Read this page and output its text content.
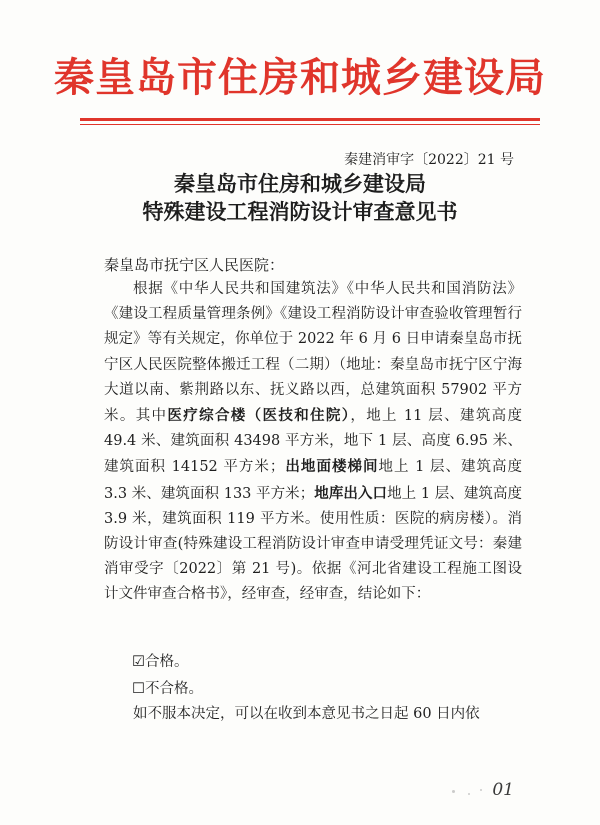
秦皇岛市住房和城乡建设局
秦建消审字〔2022〕21 号
秦皇岛市住房和城乡建设局
特殊建设工程消防设计审查意见书
秦皇岛市抚宁区人民医院：
根据《中华人民共和国建筑法》《中华人民共和国消防法》《建设工程质量管理条例》《建设工程消防设计审查验收管理暂行规定》等有关规定，你单位于 2022 年 6 月 6 日申请秦皇岛市抚宁区人民医院整体搬迁工程（二期）（地址：秦皇岛市抚宁区宁海大道以南、紫荆路以东、抚义路以西，总建筑面积 57902 平方米。其中医疗综合楼（医技和住院），地上 11 层、建筑高度 49.4 米、建筑面积 43498 平方米，地下 1 层、高度 6.95 米、建筑面积 14152 平方米；出地面楼梯间地上 1 层、建筑高度 3.3 米、建筑面积 133 平方米；地库出入口地上 1 层、建筑高度 3.9 米，建筑面积 119 平方米。使用性质：医院的病房楼）。消防设计审查(特殊建设工程消防设计审查申请受理凭证文号：秦建消审受字〔2022〕第 21 号)。依据《河北省建设工程施工图设计文件审查合格书》，经审查，经审查，结论如下：
☑合格。
☐不合格。
如不服本决定，可以在收到本意见书之日起 60 日内依
01
